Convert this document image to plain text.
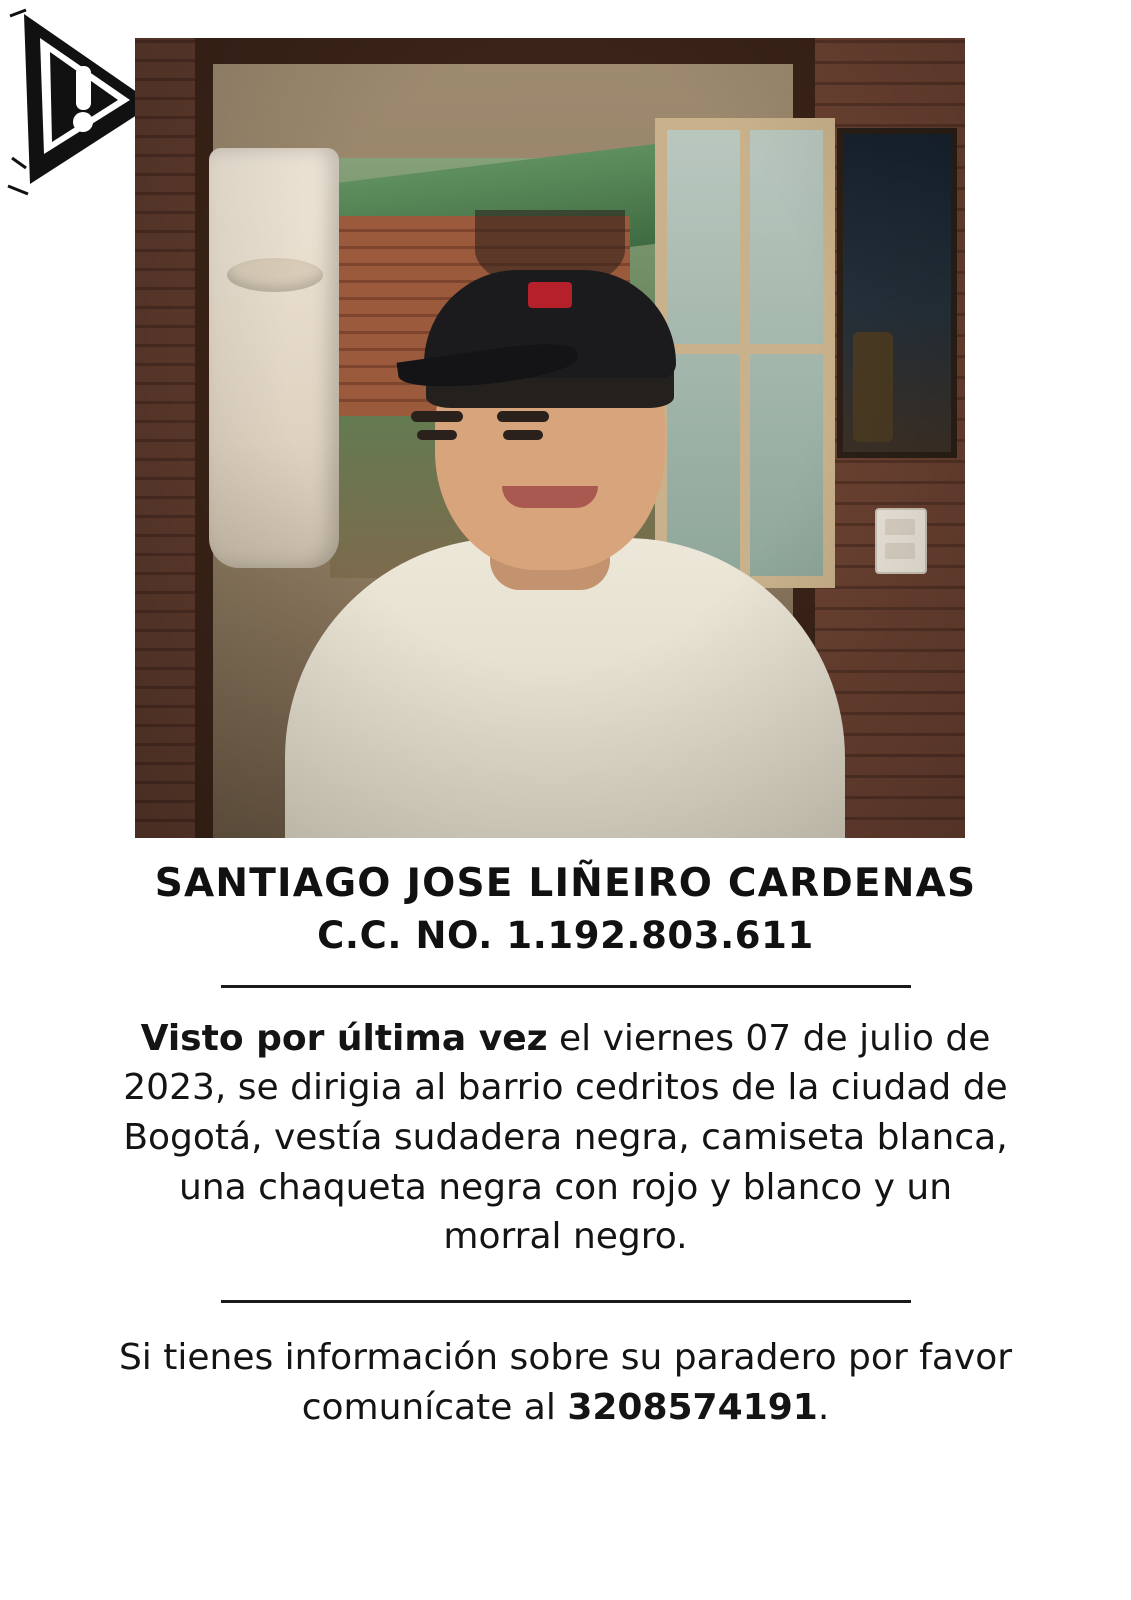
SANTIAGO JOSE LIÑEIRO CARDENAS
C.C. NO. 1.192.803.611

Visto por última vez el viernes 07 de julio de 2023, se dirigia al barrio cedritos de la ciudad de Bogotá, vestía sudadera negra, camiseta blanca, una chaqueta negra con rojo y blanco y un morral negro.

Si tienes información sobre su paradero por favor comunícate al 3208574191.
